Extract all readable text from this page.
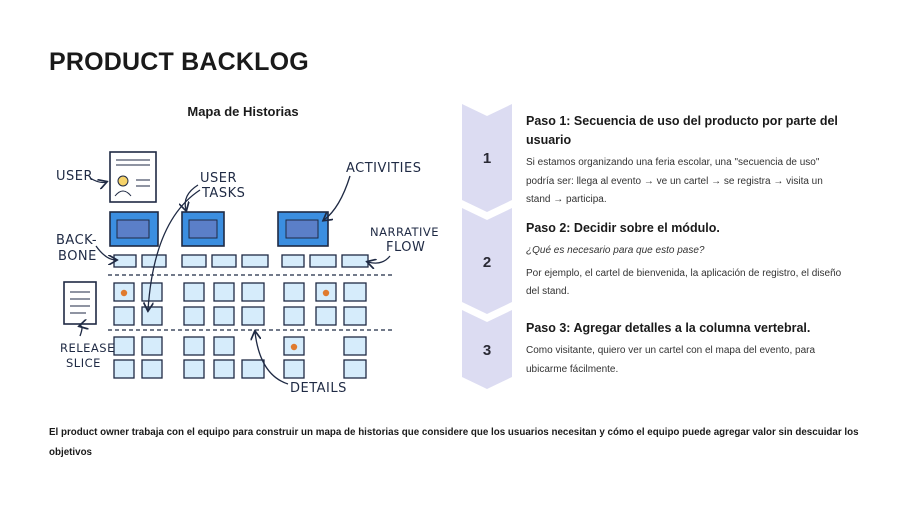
PRODUCT BACKLOG
Mapa de Historias
USER	USER
TASKS
ACTIVITIES
BACK-
BONE
NARRATIVE
FLOW
RELEASE
SLICE
DETAILS
1
2
3
Paso 1: Secuencia de uso del producto por parte del usuario

Si estamos organizando una feria escolar, una "secuencia de uso" podría ser: llega al evento → ve un cartel → se registra → visita un stand → participa.

Paso 2: Decidir sobre el módulo.

¿Qué es necesario para que esto pase?

Por ejemplo, el cartel de bienvenida, la aplicación de registro, el diseño del stand.

Paso 3: Agregar detalles a la columna vertebral.

Como visitante, quiero ver un cartel con el mapa del evento, para ubicarme fácilmente.

El product owner trabaja con el equipo para construir un mapa de historias que considere que los usuarios necesitan y cómo el equipo puede agregar valor sin descuidar los objetivos
